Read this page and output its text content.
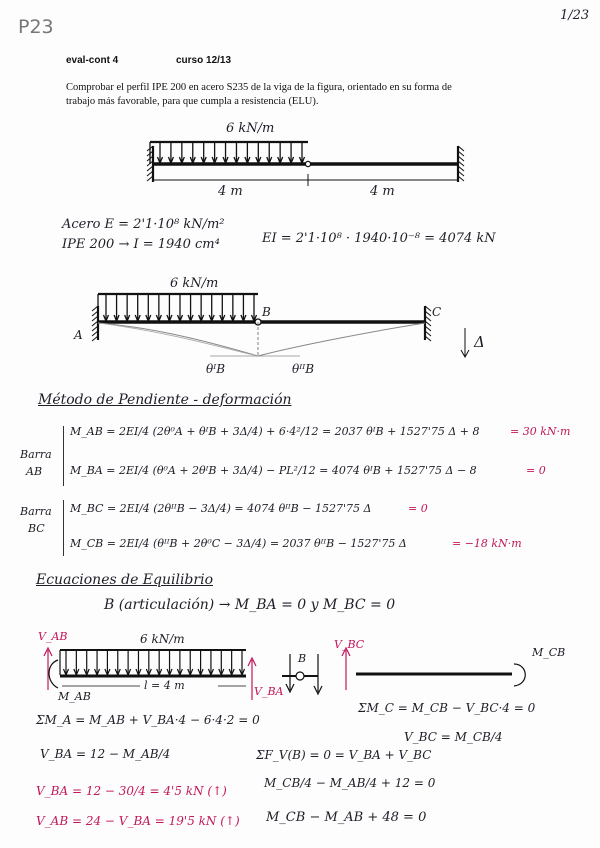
P23
1/23
eval-cont 4	curso 12/13
Comprobar el perfil IPE 200 en acero S235 de la viga de la figura, orientado en su forma de
trabajo más favorable, para que cumpla a resistencia (ELU).
6 kN/m
4 m	4 m
Acero E = 2'1·10⁸ kN/m²
IPE 200 → I = 1940 cm⁴	EI = 2'1·10⁸ · 1940·10⁻⁸ = 4074 kN
6 kN/m
A
B	C
Δ
θᴵB	θᴵᴵB
Método de Pendiente - deformación
Barra
AB
M_AB = 2EI/4 (2θ⁰A + θᴵB + 3Δ/4) + 6·4²/12 = 2037 θᴵB + 1527'75 Δ + 8	= 30 kN·m
M_BA = 2EI/4 (θ⁰A + 2θᴵB + 3Δ/4) − PL²/12 = 4074 θᴵB + 1527'75 Δ − 8	= 0
Barra
BC
M_BC = 2EI/4 (2θᴵᴵB − 3Δ/4) = 4074 θᴵᴵB − 1527'75 Δ	= 0
M_CB = 2EI/4 (θᴵᴵB + 2θ⁰C − 3Δ/4) = 2037 θᴵᴵB − 1527'75 Δ	= −18 kN·m
Ecuaciones de Equilibrio
B (articulación) → M_BA = 0 y M_BC = 0
V_AB	6 kN/m
M_AB
l = 4 m	V_BA
B
V_BC
M_CB
ΣM_A = M_AB + V_BA·4 − 6·4·2 = 0
V_BA = 12 − M_AB/4
V_BA = 12 − 30/4 = 4'5 kN (↑)
V_AB = 24 − V_BA = 19'5 kN (↑)
ΣM_C = M_CB − V_BC·4 = 0
V_BC = M_CB/4
ΣF_V(B) = 0 = V_BA + V_BC
M_CB/4 − M_AB/4 + 12 = 0
M_CB − M_AB + 48 = 0
